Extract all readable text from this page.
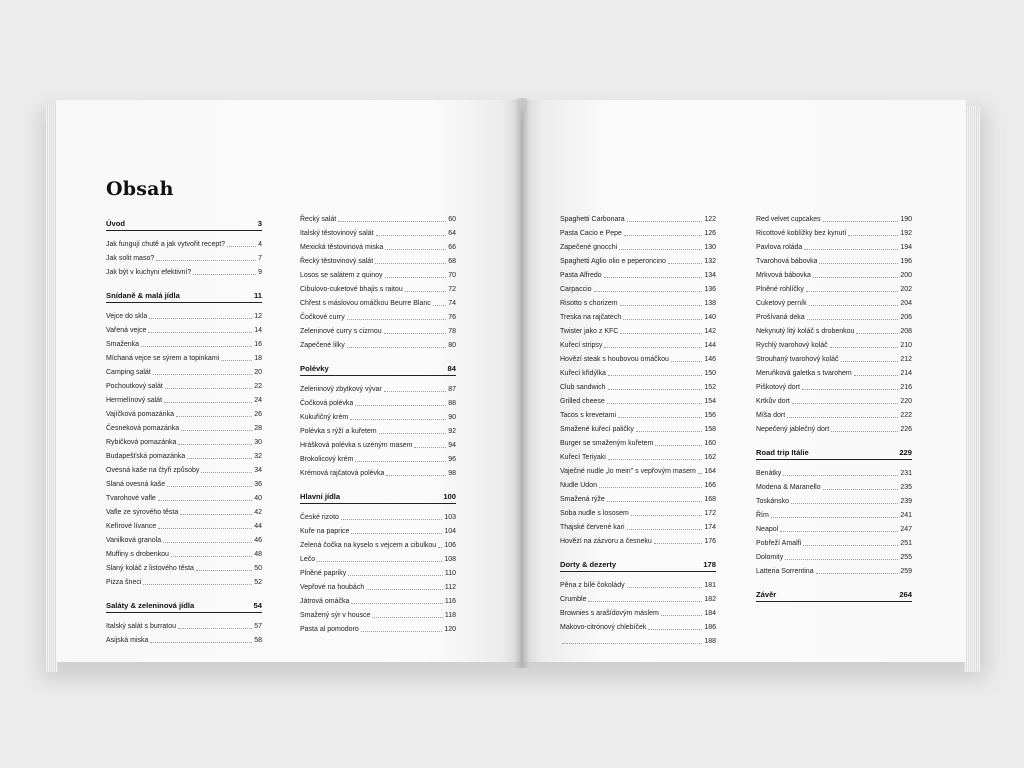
Obsah
Úvod	3
Jak fungují chutě a jak vytvořit recept?	4
Jak solit maso?	7
Jak být v kuchyni efektivní?	9
Snídaně & malá jídla	11
Vejce do skla	12
Vařená vejce	14
Smaženka	16
Míchaná vejce se sýrem a topinkami	18
Camping salát	20
Pochoutkový salát	22
Hermelínový salát	24
Vajíčková pomazánka	26
Česneková pomazánka	28
Rybičková pomazánka	30
Budapešťská pomazánka	32
Ovesná kaše na čtyři způsoby	34
Slaná ovesná kaše	36
Tvarohové vafle	40
Vafle ze sýrového těsta	42
Kefírové lívance	44
Vanilková granola	46
Muffiny s drobenkou	48
Slaný koláč z listového těsta	50
Pizza šneci	52
Saláty & zeleninová jídla	54
Italský salát s burratou	57
Asijská miska	58
Řecký salát	60
Italský těstovinový salát	64
Mexická těstovinová miska	66
Řecký těstovinový salát	68
Losos se salátem z quinoy	70
Cibulovo-cuketové bhajis s raitou	72
Chřest s máslovou omáčkou Beurre Blanc 74
Čočkové curry	76
Zeleninové curry s cizrnou	78
Zapečené lilky	80
Polévky	84
Zeleninový zbytkový vývar	87
Čočková polévka	88
Kukuřičný krém	90
Polévka s rýží a kuřetem	92
Hrášková polévka s uzeným masem	94
Brokolicový krém	96
Krémová rajčatová polévka	98
Hlavní jídla	100
České rizoto	103
Kuře na paprice	104
Zelená čočka na kyselo s vejcem a cibulkou 106
Lečo	108
Plněné papriky	110
Vepřové na houbách	112
Játrová omáčka	116
Smažený sýr v housce	118
Pasta al pomodoro	120
Spaghetti Carbonara	122
Pasta Cacio e Pepe	126
Zapečené gnocchi	130
Spaghetti Aglio olio e peperoncino	132
Pasta Alfredo	134
Carpaccio	136
Risotto s chorizem	138
Treska na rajčatech	140
Twister jako z KFC	142
Kuřecí stripsy	144
Hovězí steak s houbovou omáčkou	146
Kuřecí křidýlka	150
Club sandwich	152
Grilled cheese	154
Tacos s krevetami	156
Smažené kuřecí paličky	158
Burger se smaženým kuřetem	160
Kuřecí Teriyaki	162
Vaječné nudle „lo mein" s vepřovým masem 164
Nudle Udon	166
Smažená rýže	168
Soba nudle s lososem	172
Thajské červené kari	174
Hovězí na zázvoru a česneku	176
Dorty & dezerty	178
Pěna z bílé čokolády	181
Crumble	182
Brownies s arašídovým máslem	184
Makovo-citrónový chlebíček	186
188
Red velvet cupcakes	190
Ricottové koblížky bez kynutí	192
Pavlova roláda	194
Tvarohová bábovka	196
Mrkvová bábovka	200
Plněné rohlíčky	202
Cuketový perník	204
Prošívaná deka	206
Nekynutý litý koláč s drobenkou	208
Rychlý tvarohový koláč	210
Strouhaný tvarohový koláč	212
Meruňková galetka s tvarohem	214
Piškotový dort	216
Krtkův dort	220
Míša dort	222
Nepečený jablečný dort	226
Road trip Itálie	229
Benátky	231
Modena & Maranello	235
Toskánsko	239
Řím	241
Neapol	247
Pobřeží Amalfi	251
Dolomity	255
Latteria Sorrentina	259
Závěr	264
